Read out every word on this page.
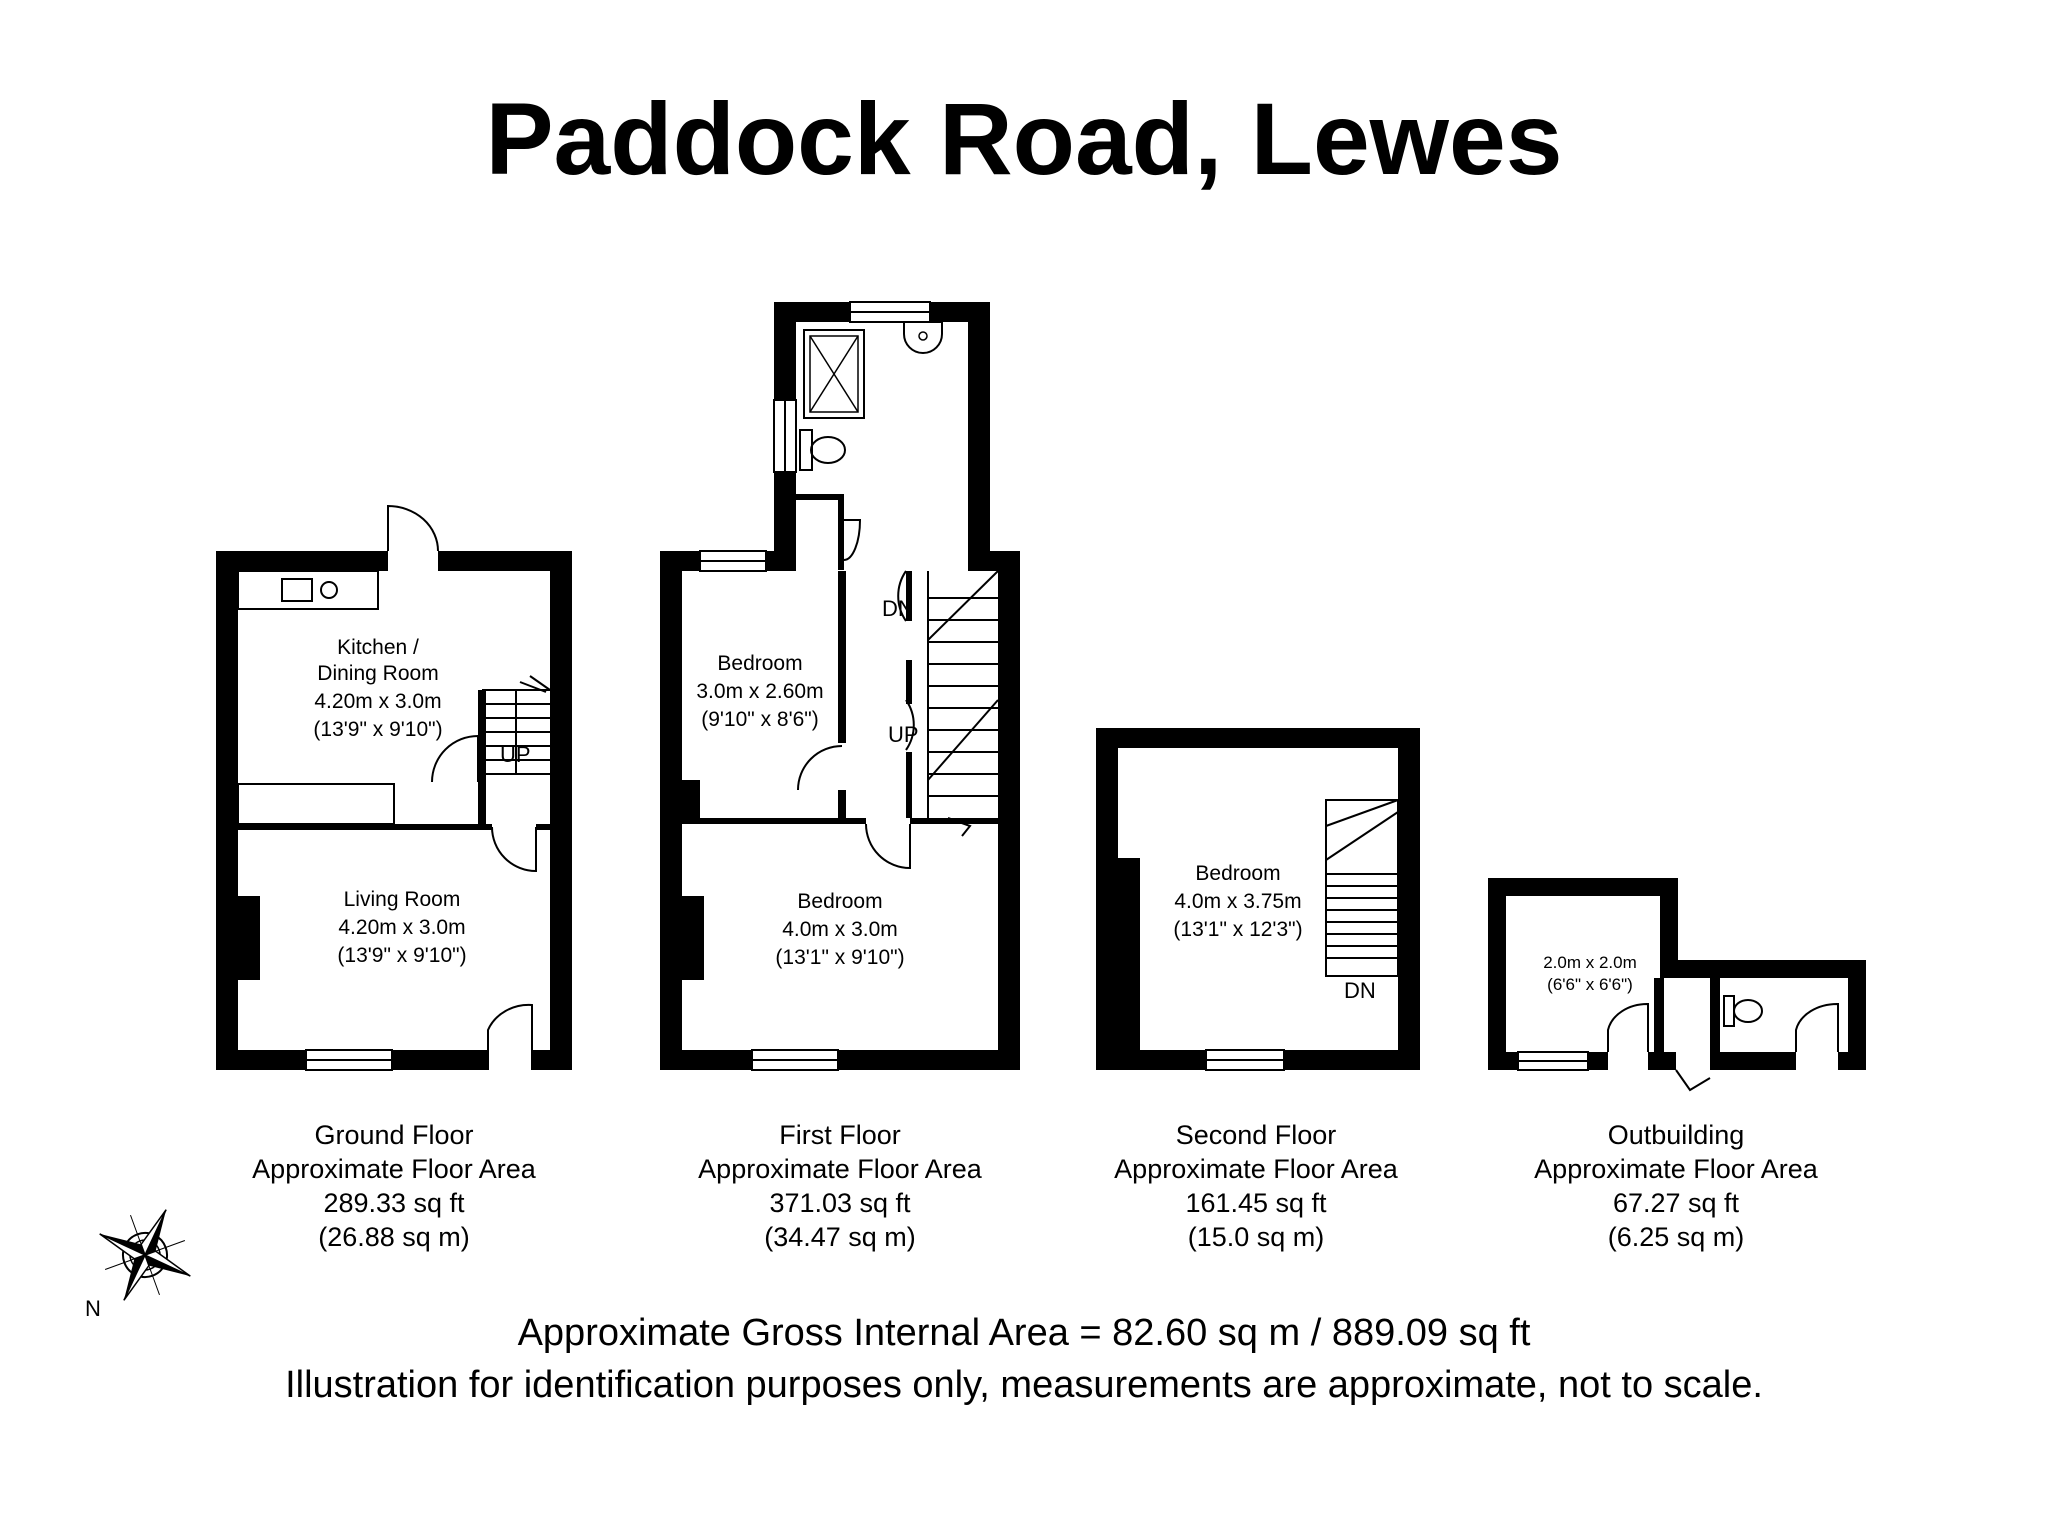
Paddock Road, Lewes
Kitchen /
Dining Room
4.20m x 3.0m
(13'9" x 9'10")
Living Room
4.20m x 3.0m
(13'9" x 9'10")
Bedroom
3.0m x 2.60m
(9'10" x 8'6")
Bedroom
4.0m x 3.0m
(13'1" x 9'10")
Bedroom
4.0m x 3.75m
(13'1" x 12'3")
2.0m x 2.0m
(6'6" x 6'6")
UP
DN
UP
DN
Ground Floor
Approximate Floor Area
289.33 sq ft
(26.88 sq m)
First Floor
Approximate Floor Area
371.03 sq ft
(34.47 sq m)
Second Floor
Approximate Floor Area
161.45 sq ft
(15.0 sq m)
Outbuilding
Approximate Floor Area
67.27 sq ft
(6.25 sq m)
N
Approximate Gross Internal Area = 82.60 sq m / 889.09 sq ft
Illustration for identification purposes only, measurements are approximate, not to scale.
